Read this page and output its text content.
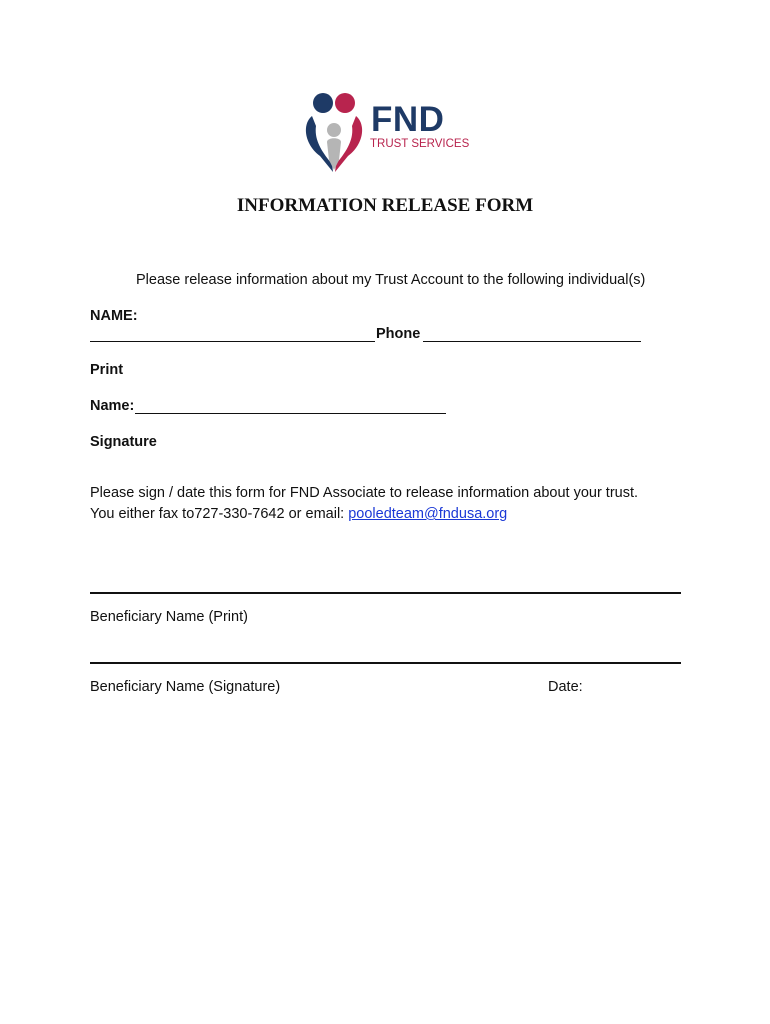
FND
TRUST SERVICES
INFORMATION RELEASE FORM
Please release information about my Trust Account to the following individual(s)
NAME:
Phone
Print
Name:
Signature
Please sign / date this form for FND Associate to release information about your trust.
You either fax to727-330-7642 or email: pooledteam@fndusa.org
Beneficiary Name (Print)
Beneficiary Name (Signature)	Date:
